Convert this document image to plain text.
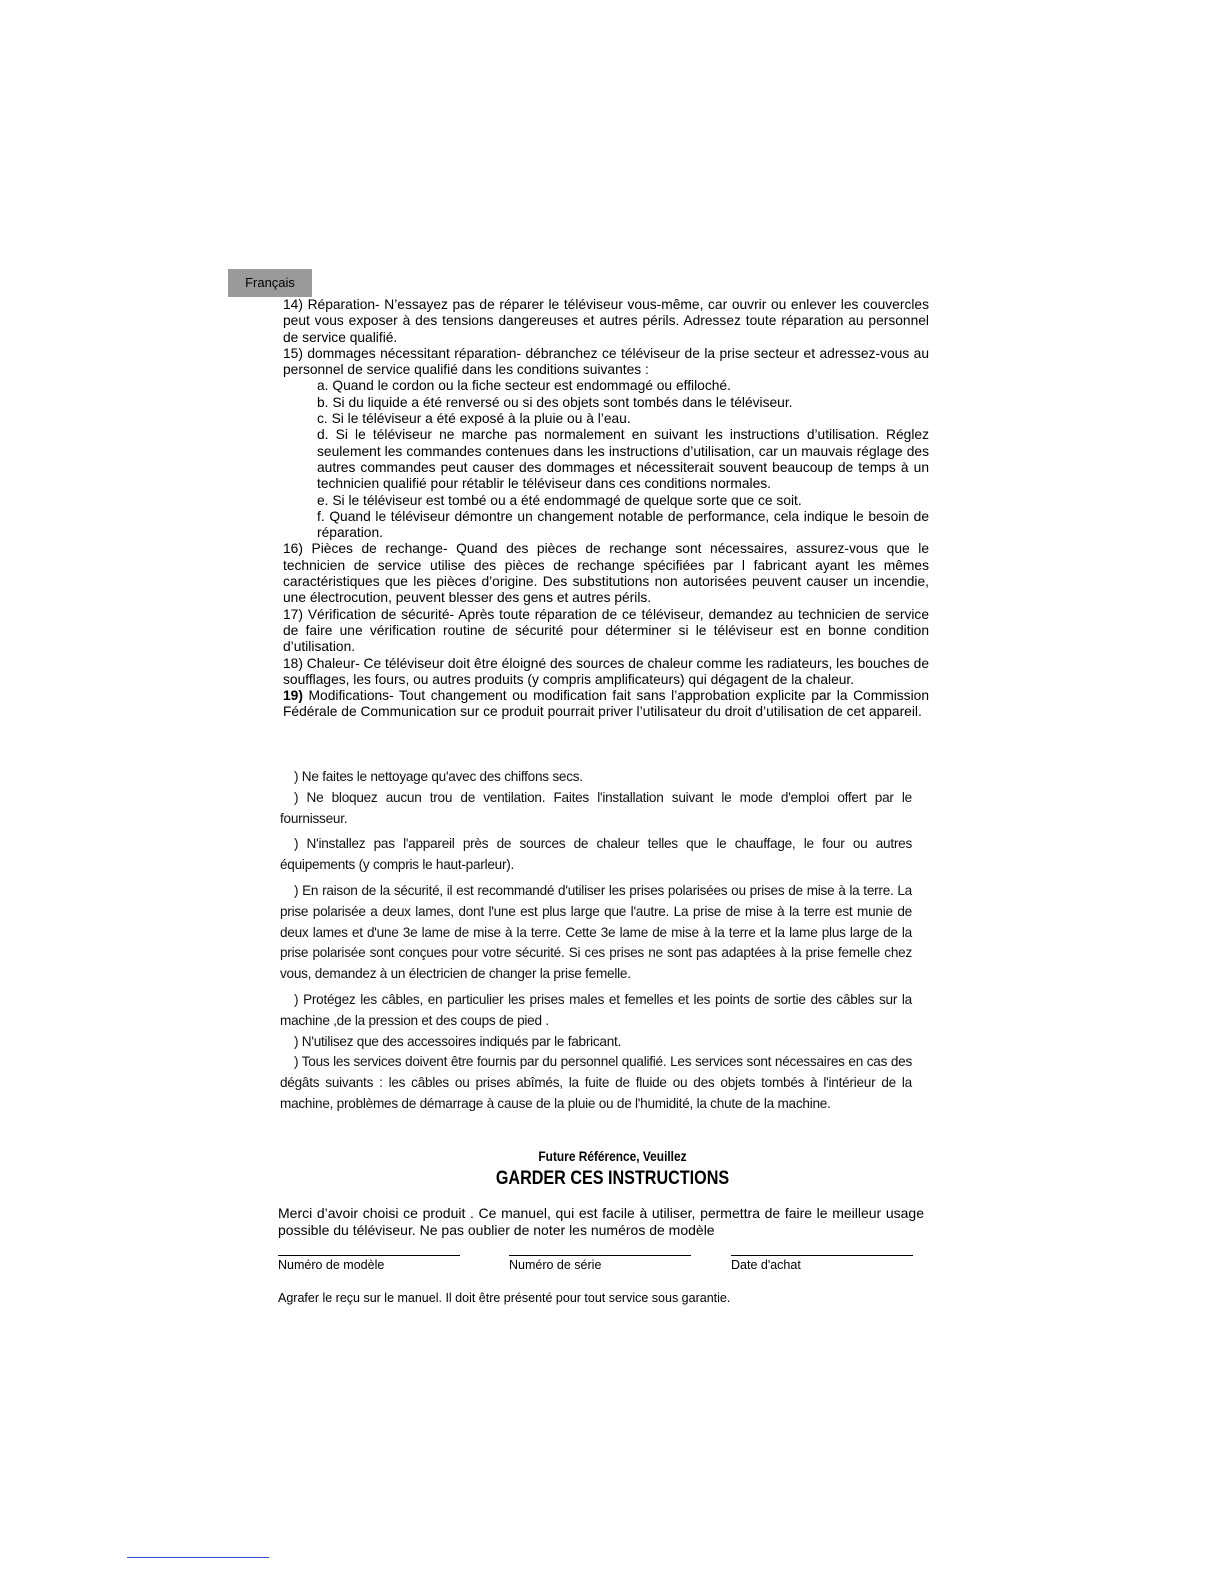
Français

14) Réparation- N’essayez pas de réparer le téléviseur vous-même, car ouvrir ou enlever les couvercles peut vous exposer à des tensions dangereuses et autres périls. Adressez toute réparation au personnel de service qualifié.

15) dommages nécessitant réparation- débranchez ce téléviseur de la prise secteur et adressez-vous au personnel de service qualifié dans les conditions suivantes :

a. Quand le cordon ou la fiche secteur est endommagé ou effiloché.

b. Si du liquide a été renversé ou si des objets sont tombés dans le téléviseur.

c. Si le téléviseur a été exposé à la pluie ou à l’eau.

d. Si le téléviseur ne marche pas normalement en suivant les instructions d’utilisation. Réglez seulement les commandes contenues dans les instructions d’utilisation, car un mauvais réglage des autres commandes peut causer des dommages et nécessiterait souvent beaucoup de temps à un technicien qualifié pour rétablir le téléviseur dans ces conditions normales.

e. Si le téléviseur est tombé ou a été endommagé de quelque sorte que ce soit.

f. Quand le téléviseur démontre un changement notable de performance, cela indique le besoin de réparation.

16) Pièces de rechange- Quand des pièces de rechange sont nécessaires, assurez-vous que le technicien de service utilise des pièces de rechange spécifiées par l fabricant ayant les mêmes caractéristiques que les pièces d’origine. Des substitutions non autorisées peuvent causer un incendie, une électrocution, peuvent blesser des gens et autres périls.

17) Vérification de sécurité- Après toute réparation de ce téléviseur, demandez au technicien de service de faire une vérification routine de sécurité pour déterminer si le téléviseur est en bonne condition d’utilisation.

18) Chaleur- Ce téléviseur doit être éloigné des sources de chaleur comme les radiateurs, les bouches de soufflages, les fours, ou autres produits (y compris amplificateurs) qui dégagent de la chaleur.

19) Modifications- Tout changement ou modification fait sans l’approbation explicite par la Commission Fédérale de Communication sur ce produit pourrait priver l’utilisateur du droit d’utilisation de cet appareil.

) Ne faites le nettoyage qu'avec des chiffons secs.

) Ne bloquez aucun trou de ventilation. Faites l'installation suivant le mode d'emploi offert par le fournisseur.

) N'installez pas l'appareil près de sources de chaleur telles que le chauffage, le four ou autres équipements (y compris le haut-parleur).

) En raison de la sécurité, il est recommandé d'utiliser les prises polarisées ou prises de mise à la terre. La prise polarisée a deux lames, dont l'une est plus large que l'autre. La prise de mise à la terre est munie de deux lames et d'une 3e lame de mise à la terre. Cette 3e lame de mise à la terre et la lame plus large de la prise polarisée sont conçues pour votre sécurité. Si ces prises ne sont pas adaptées à la prise femelle chez vous, demandez à un électricien de changer la prise femelle.

) Protégez les câbles, en particulier les prises males et femelles et les points de sortie des câbles sur la machine ,de la pression et des coups de pied .

) N'utilisez que des accessoires indiqués par le fabricant.

) Tous les services doivent être fournis par du personnel qualifié. Les services sont nécessaires en cas des dégâts suivants : les câbles ou prises abîmés, la fuite de fluide ou des objets tombés à l'intérieur de la machine, problèmes de démarrage à cause de la pluie ou de l'humidité, la chute de la machine.

Future Référence, Veuillez
GARDER CES INSTRUCTIONS

Merci d’avoir choisi ce produit . Ce manuel, qui est facile à utiliser, permettra de faire le meilleur usage possible du téléviseur. Ne pas oublier de noter les numéros de modèle

Numéro de modèle	Numéro de série	Date d'achat
Agrafer le reçu sur le manuel. Il doit être présenté pour tout service sous garantie.
